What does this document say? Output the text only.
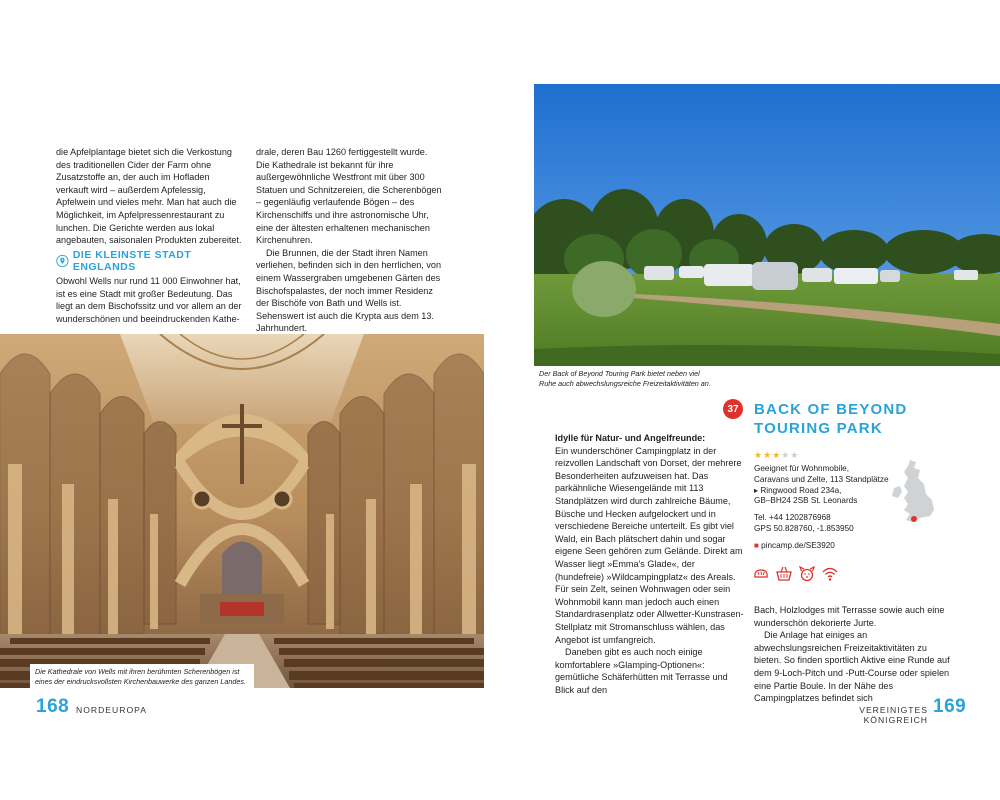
die Apfelplantage bietet sich die Verkostung des traditionellen Cider der Farm ohne Zusatzstoffe an, der auch im Hofladen verkauft wird – außerdem Apfelessig, Apfelwein und vieles mehr. Man hat auch die Möglichkeit, im Apfelpressenrestaurant zu lunchen. Die Gerichte werden aus lokal angebauten, saisonalen Produkten zubereitet.

DIE KLEINSTE STADT ENGLANDS

Obwohl Wells nur rund 11 000 Einwohner hat, ist es eine Stadt mit großer Bedeutung. Das liegt an dem Bischofssitz und vor allem an der wunderschönen und beeindruckenden Kathe-

drale, deren Bau 1260 fertiggestellt wurde. Die Kathedrale ist bekannt für ihre außergewöhnliche Westfront mit über 300 Statuen und Schnitzereien, die Scherenbögen – gegenläufig verlaufende Bögen – des Kirchenschiffs und ihre astronomische Uhr, eine der ältesten erhaltenen mechanischen Kirchenuhren.

Die Brunnen, die der Stadt ihren Namen verliehen, befinden sich in den herrlichen, von einem Wassergraben umgebenen Gärten des Bischofspalastes, der noch immer Residenz der Bischöfe von Bath und Wells ist. Sehenswert ist auch die Krypta aus dem 13. Jahrhundert.

Die Kathedrale von Wells mit ihren berühmten Scherenbögen ist eines der eindrucksvollsten Kirchenbauwerke des ganzen Landes.
168 NORDEUROPA
Der Back of Beyond Touring Park bietet neben viel Ruhe auch abwechslungsreiche Freizeitaktivitäten an.
37 BACK OF BEYOND TOURING PARK
★★★★★
Geeignet für Wohnmobile,
Caravans und Zelte, 113 Standplätze
▸ Ringwood Road 234a,
GB–BH24 2SB St. Leonards
Tel. +44 1202876968
GPS 50.828760, -1.853950
■ pincamp.de/SE3920

Idylle für Natur- und Angelfreunde:

Ein wunderschöner Campingplatz in der reizvollen Landschaft von Dorset, der mehrere Besonderheiten aufzuweisen hat. Das parkähnliche Wiesengelände mit 113 Standplätzen wird durch zahlreiche Bäume, Büsche und Hecken aufgelockert und in verschiedene Bereiche unterteilt. Es gibt viel Wald, ein Bach plätschert dahin und sogar eigene Seen gehören zum Gelände. Direkt am Wasser liegt »Emma's Glade«, der (hundefreie) »Wildcampingplatz« des Areals. Für sein Zelt, seinen Wohnwagen oder sein Wohnmobil kann man jedoch auch einen Standardrasenplatz oder Allwetter-Kunstrasen-Stellplatz mit Stromanschluss wählen, das Angebot ist umfangreich.

Daneben gibt es auch noch einige komfortablere »Glamping-Optionen«: gemütliche Schäferhütten mit Terrasse und Blick auf den

Bach, Holzlodges mit Terrasse sowie auch eine wunderschön dekorierte Jurte.

Die Anlage hat einiges an abwechslungsreichen Freizeitaktivitäten zu bieten. So finden sportlich Aktive eine Runde auf dem 9-Loch-Pitch und -Putt-Course oder spielen eine Partie Boule. In der Nähe des Campingplatzes befindet sich

VEREINIGTES KÖNIGREICH
169
